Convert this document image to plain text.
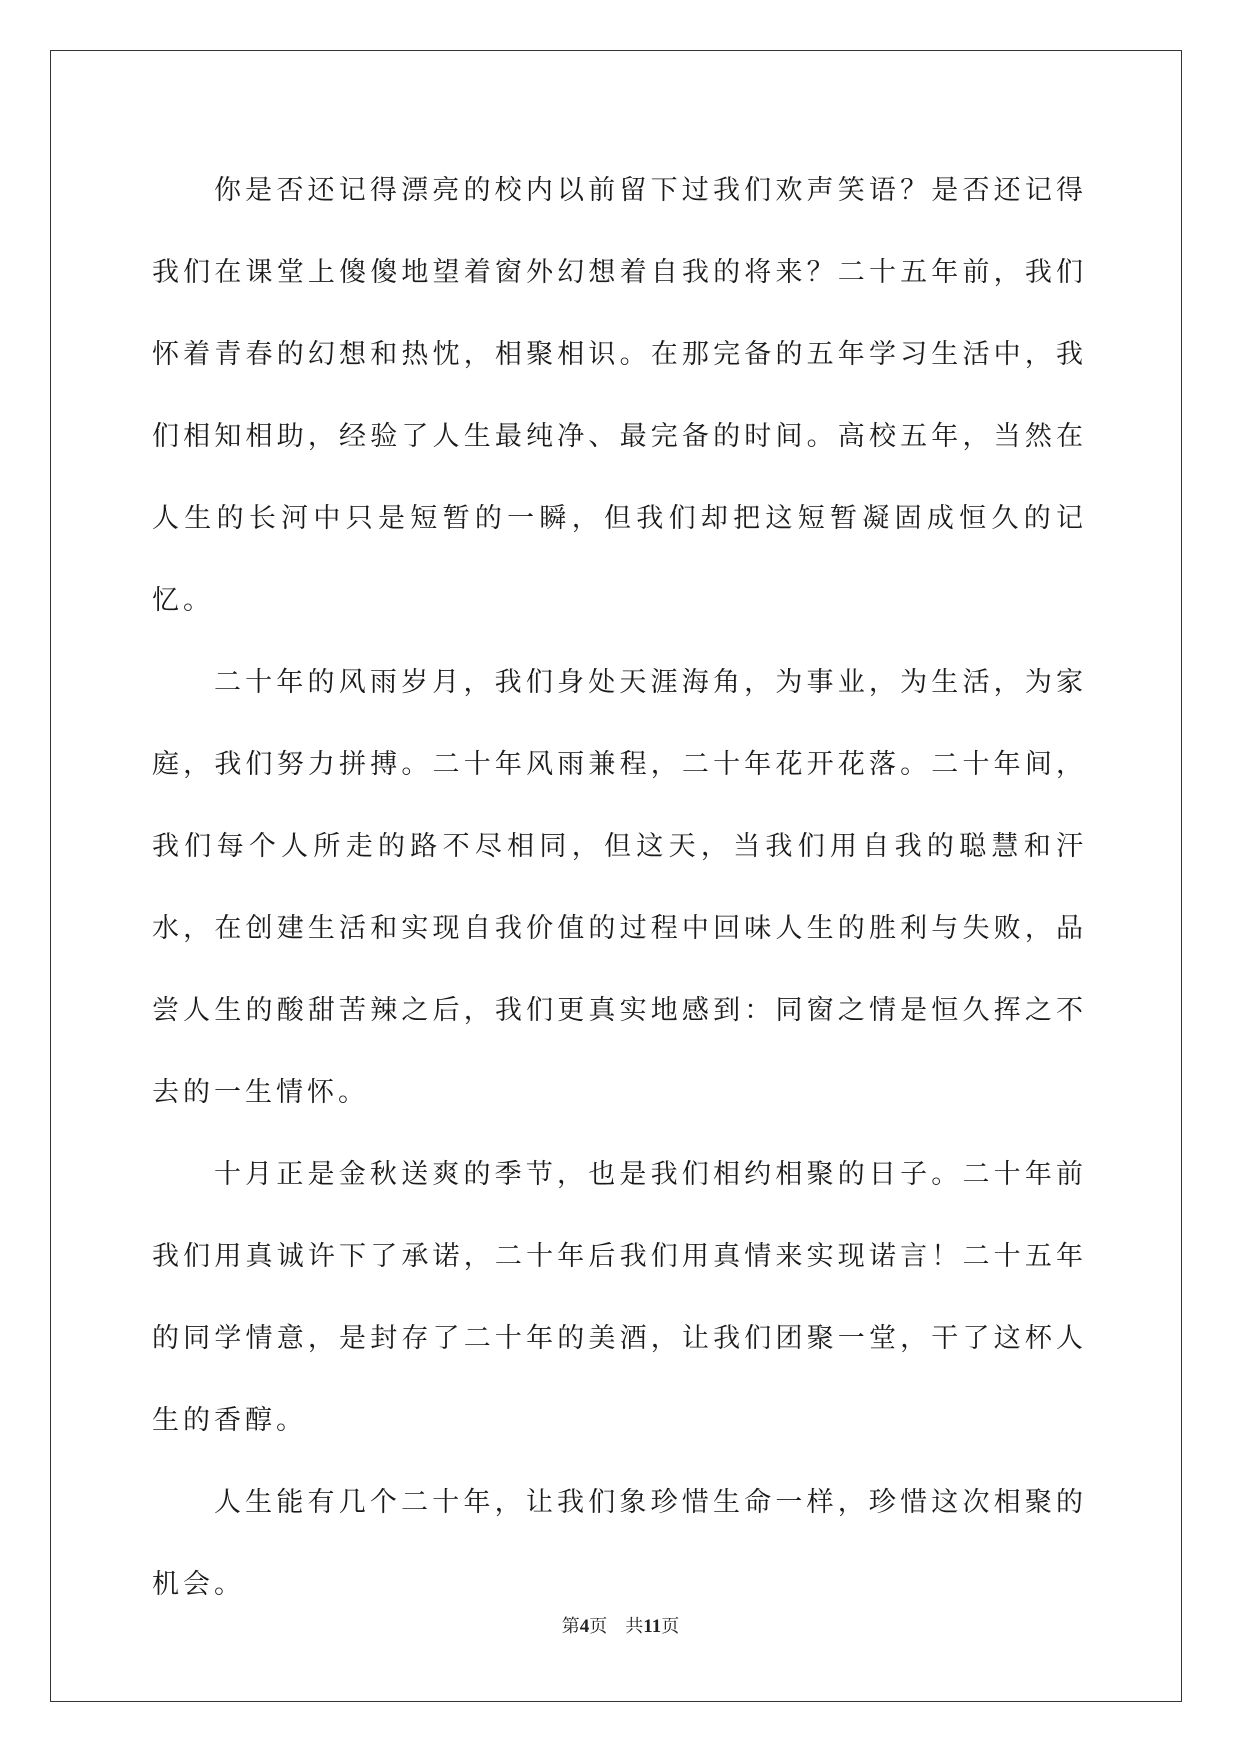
你是否还记得漂亮的校内以前留下过我们欢声笑语？是否还记得我们在课堂上傻傻地望着窗外幻想着自我的将来？二十五年前，我们怀着青春的幻想和热忱，相聚相识。在那完备的五年学习生活中，我们相知相助，经验了人生最纯净、最完备的时间。高校五年，当然在人生的长河中只是短暂的一瞬，但我们却把这短暂凝固成恒久的记忆。

二十年的风雨岁月，我们身处天涯海角，为事业，为生活，为家庭，我们努力拼搏。二十年风雨兼程，二十年花开花落。二十年间，我们每个人所走的路不尽相同，但这天，当我们用自我的聪慧和汗水，在创建生活和实现自我价值的过程中回味人生的胜利与失败，品尝人生的酸甜苦辣之后，我们更真实地感到：同窗之情是恒久挥之不去的一生情怀。

十月正是金秋送爽的季节，也是我们相约相聚的日子。二十年前我们用真诚许下了承诺，二十年后我们用真情来实现诺言！二十五年的同学情意，是封存了二十年的美酒，让我们团聚一堂，干了这杯人生的香醇。

人生能有几个二十年，让我们象珍惜生命一样，珍惜这次相聚的机会。

第4页 共11页
